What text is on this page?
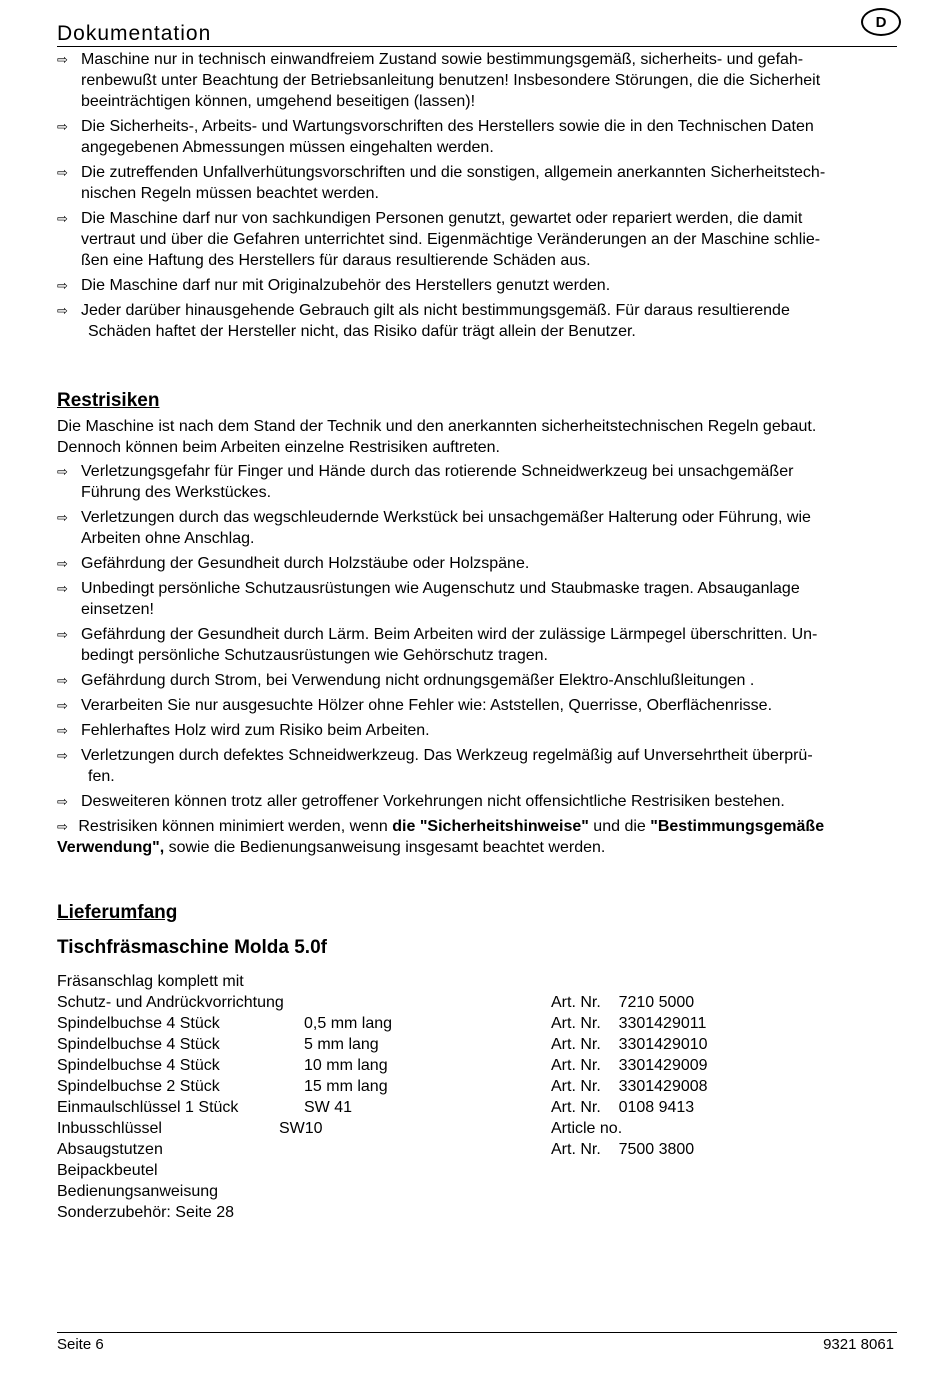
Dokumentation	D
⇨ Maschine nur in technisch einwandfreiem Zustand sowie bestimmungsgemäß, sicherheits- und gefah-
renbewußt unter Beachtung der Betriebsanleitung benutzen! Insbesondere Störungen, die die Sicherheit
beeinträchtigen können, umgehend beseitigen (lassen)!
⇨ Die Sicherheits-, Arbeits- und Wartungsvorschriften des Herstellers sowie die in den Technischen Daten
angegebenen Abmessungen müssen eingehalten werden.
⇨ Die zutreffenden Unfallverhütungsvorschriften und die sonstigen, allgemein anerkannten Sicherheitstech-
nischen Regeln müssen beachtet werden.
⇨ Die Maschine darf nur von sachkundigen Personen genutzt, gewartet oder repariert werden, die damit
vertraut und über die Gefahren unterrichtet sind. Eigenmächtige Veränderungen an der Maschine schlie-
ßen eine Haftung des Herstellers für daraus resultierende Schäden aus.
⇨ Die Maschine darf nur mit Originalzubehör des Herstellers genutzt werden.
⇨ Jeder darüber hinausgehende Gebrauch gilt als nicht bestimmungsgemäß. Für daraus resultierende
Schäden haftet der Hersteller nicht, das Risiko dafür trägt allein der Benutzer.
Restrisiken

Die Maschine ist nach dem Stand der Technik und den anerkannten sicherheitstechnischen Regeln gebaut.
Dennoch können beim Arbeiten einzelne Restrisiken auftreten.

⇨ Verletzungsgefahr für Finger und Hände durch das rotierende Schneidwerkzeug bei unsachgemäßer
Führung des Werkstückes.
⇨ Verletzungen durch das wegschleudernde Werkstück bei unsachgemäßer Halterung oder Führung, wie
Arbeiten ohne Anschlag.
⇨ Gefährdung der Gesundheit durch Holzstäube oder Holzspäne.
⇨ Unbedingt persönliche Schutzausrüstungen wie Augenschutz und Staubmaske tragen. Absauganlage
einsetzen!
⇨ Gefährdung der Gesundheit durch Lärm. Beim Arbeiten wird der zulässige Lärmpegel überschritten. Un-
bedingt persönliche Schutzausrüstungen wie Gehörschutz tragen.
⇨ Gefährdung durch Strom, bei Verwendung nicht ordnungsgemäßer Elektro-Anschlußleitungen .
⇨ Verarbeiten Sie nur ausgesuchte Hölzer ohne Fehler wie: Aststellen, Querrisse, Oberflächenrisse.
⇨ Fehlerhaftes Holz wird zum Risiko beim Arbeiten.
⇨ Verletzungen durch defektes Schneidwerkzeug. Das Werkzeug regelmäßig auf Unversehrtheit überprü-
fen.
⇨ Desweiteren können trotz aller getroffener Vorkehrungen nicht offensichtliche Restrisiken bestehen.
⇨ Restrisiken können minimiert werden, wenn die "Sicherheitshinweise" und die "Bestimmungsgemäße
Verwendung", sowie die Bedienungsanweisung insgesamt beachtet werden.
Lieferumfang
Tischfräsmaschine Molda 5.0f
Fräsanschlag komplett mit		
Schutz- und Andrückvorrichtung		Art. Nr.    7210 5000
Spindelbuchse 4 Stück	0,5 mm lang	Art. Nr.    3301429011
Spindelbuchse 4 Stück	5 mm lang	Art. Nr.    3301429010
Spindelbuchse 4 Stück	10 mm lang	Art. Nr.    3301429009
Spindelbuchse 2 Stück	15 mm lang	Art. Nr.    3301429008
Einmaulschlüssel 1 Stück	SW 41	Art. Nr.    0108 9413
Inbusschlüssel	SW10	Article no.
Absaugstutzen		Art. Nr.    7500 3800
Beipackbeutel		
Bedienungsanweisung		
Sonderzubehör: Seite 28		
Seite 6	9321 8061
